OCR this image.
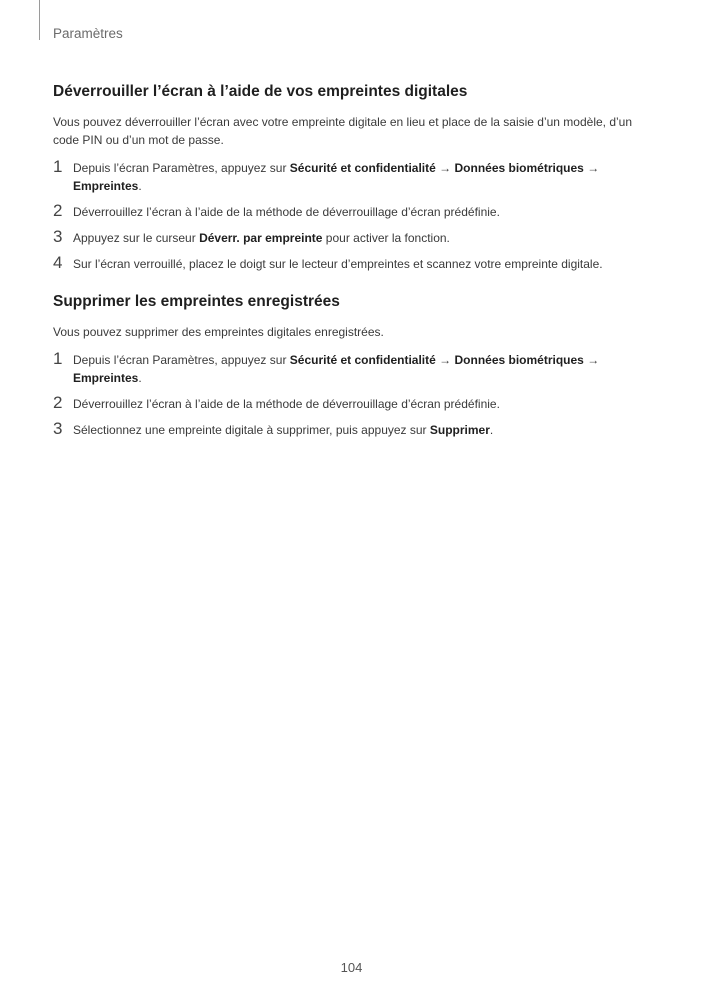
Paramètres
Déverrouiller l’écran à l’aide de vos empreintes digitales

Vous pouvez déverrouiller l’écran avec votre empreinte digitale en lieu et place de la saisie d’un modèle, d’un code PIN ou d’un mot de passe.

1 Depuis l’écran Paramètres, appuyez sur Sécurité et confidentialité → Données biométriques → Empreintes.
2 Déverrouillez l’écran à l’aide de la méthode de déverrouillage d’écran prédéfinie.
3 Appuyez sur le curseur Déverr. par empreinte pour activer la fonction.
4 Sur l’écran verrouillé, placez le doigt sur le lecteur d’empreintes et scannez votre empreinte digitale.
Supprimer les empreintes enregistrées

Vous pouvez supprimer des empreintes digitales enregistrées.

1 Depuis l’écran Paramètres, appuyez sur Sécurité et confidentialité → Données biométriques → Empreintes.
2 Déverrouillez l’écran à l’aide de la méthode de déverrouillage d’écran prédéfinie.
3 Sélectionnez une empreinte digitale à supprimer, puis appuyez sur Supprimer.
104
